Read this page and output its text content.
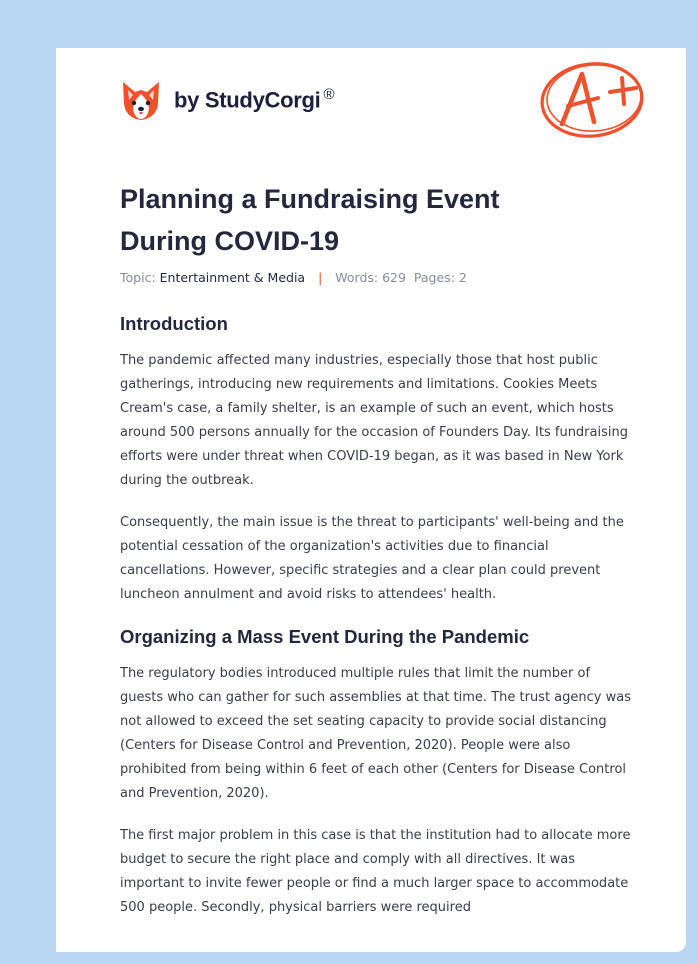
by StudyCorgi ®
Planning a Fundraising Event During COVID-19
Topic: Entertainment & Media | Words: 629 Pages: 2
Introduction

The pandemic affected many industries, especially those that host public gatherings, introducing new requirements and limitations. Cookies Meets Cream's case, a family shelter, is an example of such an event, which hosts around 500 persons annually for the occasion of Founders Day. Its fundraising efforts were under threat when COVID-19 began, as it was based in New York during the outbreak.

Consequently, the main issue is the threat to participants' well-being and the potential cessation of the organization's activities due to financial cancellations. However, specific strategies and a clear plan could prevent luncheon annulment and avoid risks to attendees' health.

Organizing a Mass Event During the Pandemic

The regulatory bodies introduced multiple rules that limit the number of guests who can gather for such assemblies at that time. The trust agency was not allowed to exceed the set seating capacity to provide social distancing (Centers for Disease Control and Prevention, 2020). People were also prohibited from being within 6 feet of each other (Centers for Disease Control and Prevention, 2020).

The first major problem in this case is that the institution had to allocate more budget to secure the right place and comply with all directives. It was important to invite fewer people or find a much larger space to accommodate 500 people. Secondly, physical barriers were required
